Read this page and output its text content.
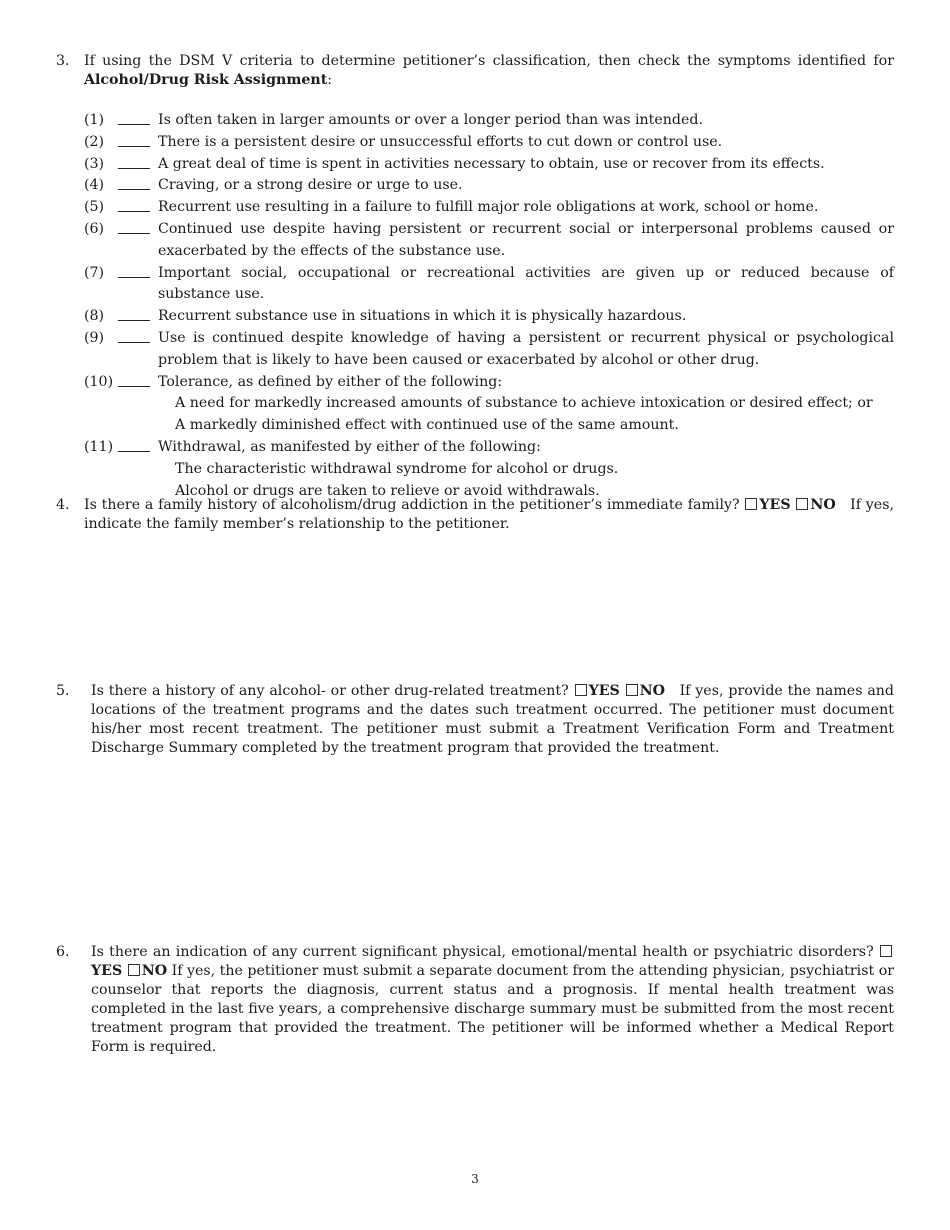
3. If using the DSM V criteria to determine petitioner’s classification, then check the symptoms identified for Alcohol/Drug Risk Assignment:
(1)	Is often taken in larger amounts or over a longer period than was intended.
(2)	There is a persistent desire or unsuccessful efforts to cut down or control use.
(3)	A great deal of time is spent in activities necessary to obtain, use or recover from its effects.
(4)	Craving, or a strong desire or urge to use.
(5)	Recurrent use resulting in a failure to fulfill major role obligations at work, school or home.
(6)	Continued use despite having persistent or recurrent social or interpersonal problems caused or exacerbated by the effects of the substance use.
(7)	Important social, occupational or recreational activities are given up or reduced because of substance use.
(8)	Recurrent substance use in situations in which it is physically hazardous.
(9)	Use is continued despite knowledge of having a persistent or recurrent physical or psychological problem that is likely to have been caused or exacerbated by alcohol or other drug.
(10)	Tolerance, as defined by either of the following:
A need for markedly increased amounts of substance to achieve intoxication or desired effect; or
A markedly diminished effect with continued use of the same amount.
(11)	Withdrawal, as manifested by either of the following:
The characteristic withdrawal syndrome for alcohol or drugs.
Alcohol or drugs are taken to relieve or avoid withdrawals.
4. Is there a family history of alcoholism/drug addiction in the petitioner’s immediate family? YES NO If yes, indicate the family member’s relationship to the petitioner.
5. Is there a history of any alcohol- or other drug-related treatment? YES NO If yes, provide the names and locations of the treatment programs and the dates such treatment occurred. The petitioner must document his/her most recent treatment. The petitioner must submit a Treatment Verification Form and Treatment Discharge Summary completed by the treatment program that provided the treatment.
6. Is there an indication of any current significant physical, emotional/mental health or psychiatric disorders? YES NO If yes, the petitioner must submit a separate document from the attending physician, psychiatrist or counselor that reports the diagnosis, current status and a prognosis. If mental health treatment was completed in the last five years, a comprehensive discharge summary must be submitted from the most recent treatment program that provided the treatment. The petitioner will be informed whether a Medical Report Form is required.
3
